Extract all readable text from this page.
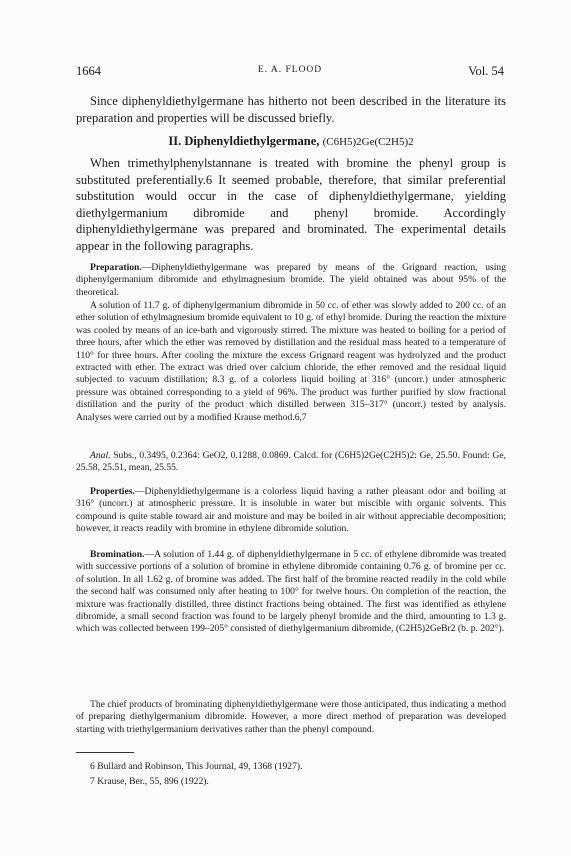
1664	E. A. FLOOD	Vol. 54

Since diphenyldiethylgermane has hitherto not been described in the literature its preparation and properties will be discussed briefly.

II. Diphenyldiethylgermane, (C6H5)2Ge(C2H5)2

When trimethylphenylstannane is treated with bromine the phenyl group is substituted preferentially.6 It seemed probable, therefore, that similar preferential substitution would occur in the case of diphenyldiethylgermane, yielding diethylgermanium dibromide and phenyl bromide. Accordingly diphenyldiethylgermane was prepared and brominated. The experimental details appear in the following paragraphs.

Preparation.—Diphenyldiethylgermane was prepared by means of the Grignard reaction, using diphenylgermanium dibromide and ethylmagnesium bromide. The yield obtained was about 95% of the theoretical.

A solution of 11.7 g. of diphenylgermanium dibromide in 50 cc. of ether was slowly added to 200 cc. of an ether solution of ethylmagnesium bromide equivalent to 10 g. of ethyl bromide. During the reaction the mixture was cooled by means of an ice-bath and vigorously stirred. The mixture was heated to boiling for a period of three hours, after which the ether was removed by distillation and the residual mass heated to a temperature of 110° for three hours. After cooling the mixture the excess Grignard reagent was hydrolyzed and the product extracted with ether. The extract was dried over calcium chloride, the ether removed and the residual liquid subjected to vacuum distillation; 8.3 g. of a colorless liquid boiling at 316° (uncorr.) under atmospheric pressure was obtained corresponding to a yield of 96%. The product was further purified by slow fractional distillation and the purity of the product which distilled between 315–317° (uncorr.) tested by analysis. Analyses were carried out by a modified Krause method.6,7

Anal. Subs., 0.3495, 0.2364: GeO2, 0.1288, 0.0869. Calcd. for (C6H5)2Ge(C2H5)2: Ge, 25.50. Found: Ge, 25.58, 25.51, mean, 25.55.

Properties.—Diphenyldiethylgermane is a colorless liquid having a rather pleasant odor and boiling at 316° (uncorr.) at atmospheric pressure. It is insoluble in water but miscible with organic solvents. This compound is quite stable toward air and moisture and may be boiled in air without appreciable decomposition; however, it reacts readily with bromine in ethylene dibromide solution.

Bromination.—A solution of 1.44 g. of diphenyldiethylgermane in 5 cc. of ethylene dibromide was treated with successive portions of a solution of bromine in ethylene dibromide containing 0.76 g. of bromine per cc. of solution. In all 1.62 g. of bromine was added. The first half of the bromine reacted readily in the cold while the second half was consumed only after heating to 100° for twelve hours. On completion of the reaction, the mixture was fractionally distilled, three distinct fractions being obtained. The first was identified as ethylene dibromide, a small second fraction was found to be largely phenyl bromide and the third, amounting to 1.3 g. which was collected between 199–205° consisted of diethylgermanium dibromide, (C2H5)2GeBr2 (b. p. 202°).

The chief products of brominating diphenyldiethylgermane were those anticipated, thus indicating a method of preparing diethylgermanium dibromide. However, a more direct method of preparation was developed starting with triethylgermanium derivatives rather than the phenyl compound.

6 Bullard and Robinson, This Journal, 49, 1368 (1927).

7 Krause, Ber., 55, 896 (1922).
